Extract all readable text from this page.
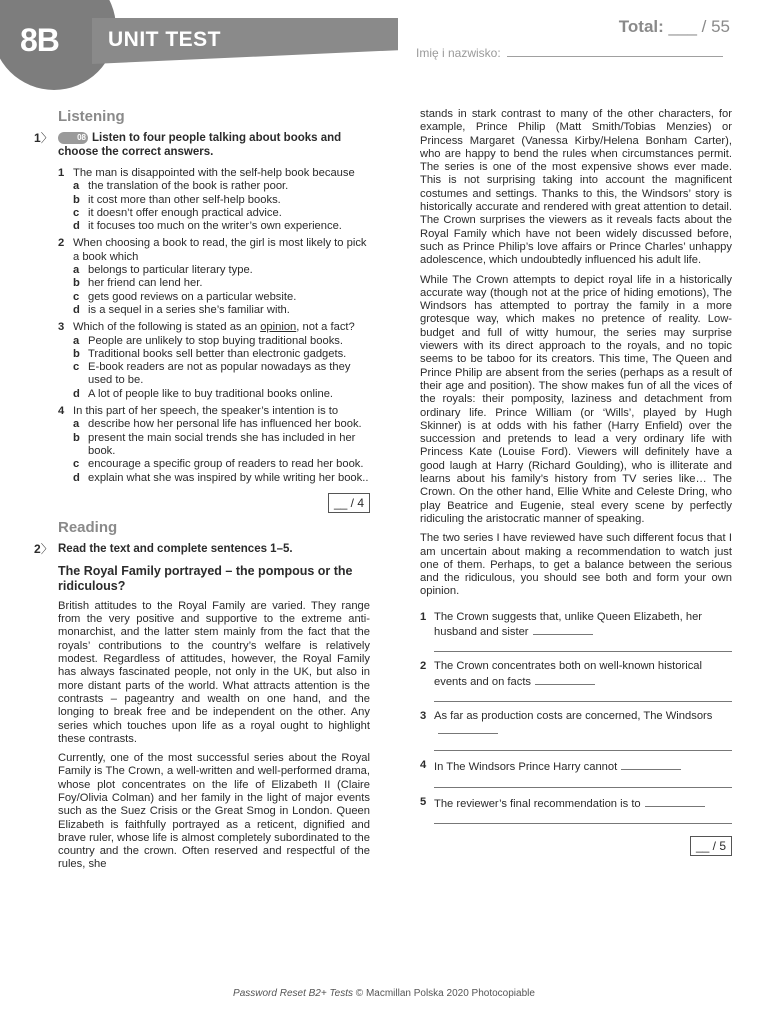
8B UNIT TEST
Total: ___ / 55
Imię i nazwisko:
Listening
1〉	08 Listen to four people talking about books and choose the correct answers.
1 The man is disappointed with the self-help book because
a the translation of the book is rather poor.
b it cost more than other self-help books.
c it doesn’t offer enough practical advice.
d it focuses too much on the writer’s own experience.
2 When choosing a book to read, the girl is most likely to pick a book which
a belongs to particular literary type.
b her friend can lend her.
c gets good reviews on a particular website.
d is a sequel in a series she’s familiar with.
3 Which of the following is stated as an opinion, not a fact?
a People are unlikely to stop buying traditional books.
b Traditional books sell better than electronic gadgets.
c E-book readers are not as popular nowadays as they used to be.
d A lot of people like to buy traditional books online.
4 In this part of her speech, the speaker’s intention is to
a describe how her personal life has influenced her book.
b present the main social trends she has included in her book.
c encourage a specific group of readers to read her book.
d explain what she was inspired by while writing her book..
__ / 4
Reading
2〉 Read the text and complete sentences 1–5.
The Royal Family portrayed – the pompous or the ridiculous?

British attitudes to the Royal Family are varied. They range from the very positive and supportive to the extreme anti-monarchist, and the latter stem mainly from the fact that the royals’ contributions to the country’s welfare is relatively modest. Regardless of attitudes, however, the Royal Family has always fascinated people, not only in the UK, but also in more distant parts of the world. What attracts attention is the contrasts – pageantry and wealth on one hand, and the longing to break free and be independent on the other. Any series which touches upon life as a royal ought to highlight these contrasts.

Currently, one of the most successful series about the Royal Family is The Crown, a well-written and well-performed drama, whose plot concentrates on the life of Elizabeth II (Claire Foy/Olivia Colman) and her family in the light of major events such as the Suez Crisis or the Great Smog in London. Queen Elizabeth is faithfully portrayed as a reticent, dignified and brave ruler, whose life is almost completely subordinated to the country and the crown. Often reserved and respectful of the rules, she

stands in stark contrast to many of the other characters, for example, Prince Philip (Matt Smith/Tobias Menzies) or Princess Margaret (Vanessa Kirby/Helena Bonham Carter), who are happy to bend the rules when circumstances permit. The series is one of the most expensive shows ever made. This is not surprising taking into account the magnificent costumes and settings. Thanks to this, the Windsors’ story is historically accurate and rendered with great attention to detail. The Crown surprises the viewers as it reveals facts about the Royal Family which have not been widely discussed before, such as Prince Philip’s love affairs or Prince Charles’ unhappy adolescence, which undoubtedly influenced his adult life.

While The Crown attempts to depict royal life in a historically accurate way (though not at the price of hiding emotions), The Windsors has attempted to portray the family in a more grotesque way, which makes no pretence of reality. Low-budget and full of witty humour, the series may surprise viewers with its direct approach to the royals, and no topic seems to be taboo for its creators. This time, The Queen and Prince Philip are absent from the series (perhaps as a result of their age and position). The show makes fun of all the vices of the royals: their pomposity, laziness and detachment from ordinary life. Prince William (or ‘Wills’, played by Hugh Skinner) is at odds with his father (Harry Enfield) over the succession and pretends to lead a very ordinary life with Princess Kate (Louise Ford). Viewers will definitely have a good laugh at Harry (Richard Goulding), who is illiterate and learns about his family’s history from TV series like… The Crown. On the other hand, Ellie White and Celeste Dring, who play Beatrice and Eugenie, steal every scene by perfectly ridiculing the aristocratic manner of speaking.

The two series I have reviewed have such different focus that I am uncertain about making a recommendation to watch just one of them. Perhaps, to get a balance between the serious and the ridiculous, you should see both and form your own opinion.

1 The Crown suggests that, unlike Queen Elizabeth, her husband and sister
2 The Crown concentrates both on well-known historical events and on facts
3 As far as production costs are concerned, The Windsors
4 In The Windsors Prince Harry cannot
5 The reviewer’s final recommendation is to
__ / 5
Password Reset B2+ Tests © Macmillan Polska 2020 Photocopiable
